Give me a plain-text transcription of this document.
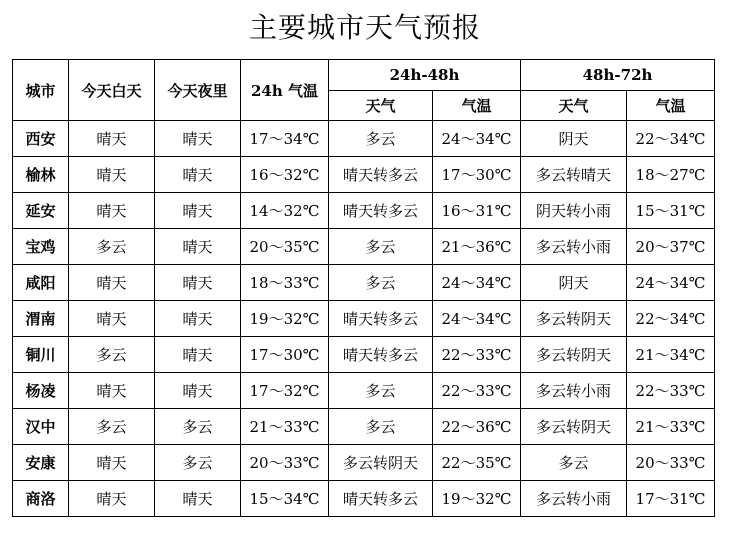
主要城市天气预报
城市	今天白天	今天夜里	24h 气温	24h-48h		48h-72h	
				天气	气温	天气	气温
西安	晴天	晴天	17～34℃	多云	24～34℃	阴天	22～34℃
榆林	晴天	晴天	16～32℃	晴天转多云	17～30℃	多云转晴天	18～27℃
延安	晴天	晴天	14～32℃	晴天转多云	16～31℃	阴天转小雨	15～31℃
宝鸡	多云	晴天	20～35℃	多云	21～36℃	多云转小雨	20～37℃
咸阳	晴天	晴天	18～33℃	多云	24～34℃	阴天	24～34℃
渭南	晴天	晴天	19～32℃	晴天转多云	24～34℃	多云转阴天	22～34℃
铜川	多云	晴天	17～30℃	晴天转多云	22～33℃	多云转阴天	21～34℃
杨凌	晴天	晴天	17～32℃	多云	22～33℃	多云转小雨	22～33℃
汉中	多云	多云	21～33℃	多云	22～36℃	多云转阴天	21～33℃
安康	晴天	多云	20～33℃	多云转阴天	22～35℃	多云	20～33℃
商洛	晴天	晴天	15～34℃	晴天转多云	19～32℃	多云转小雨	17～31℃
